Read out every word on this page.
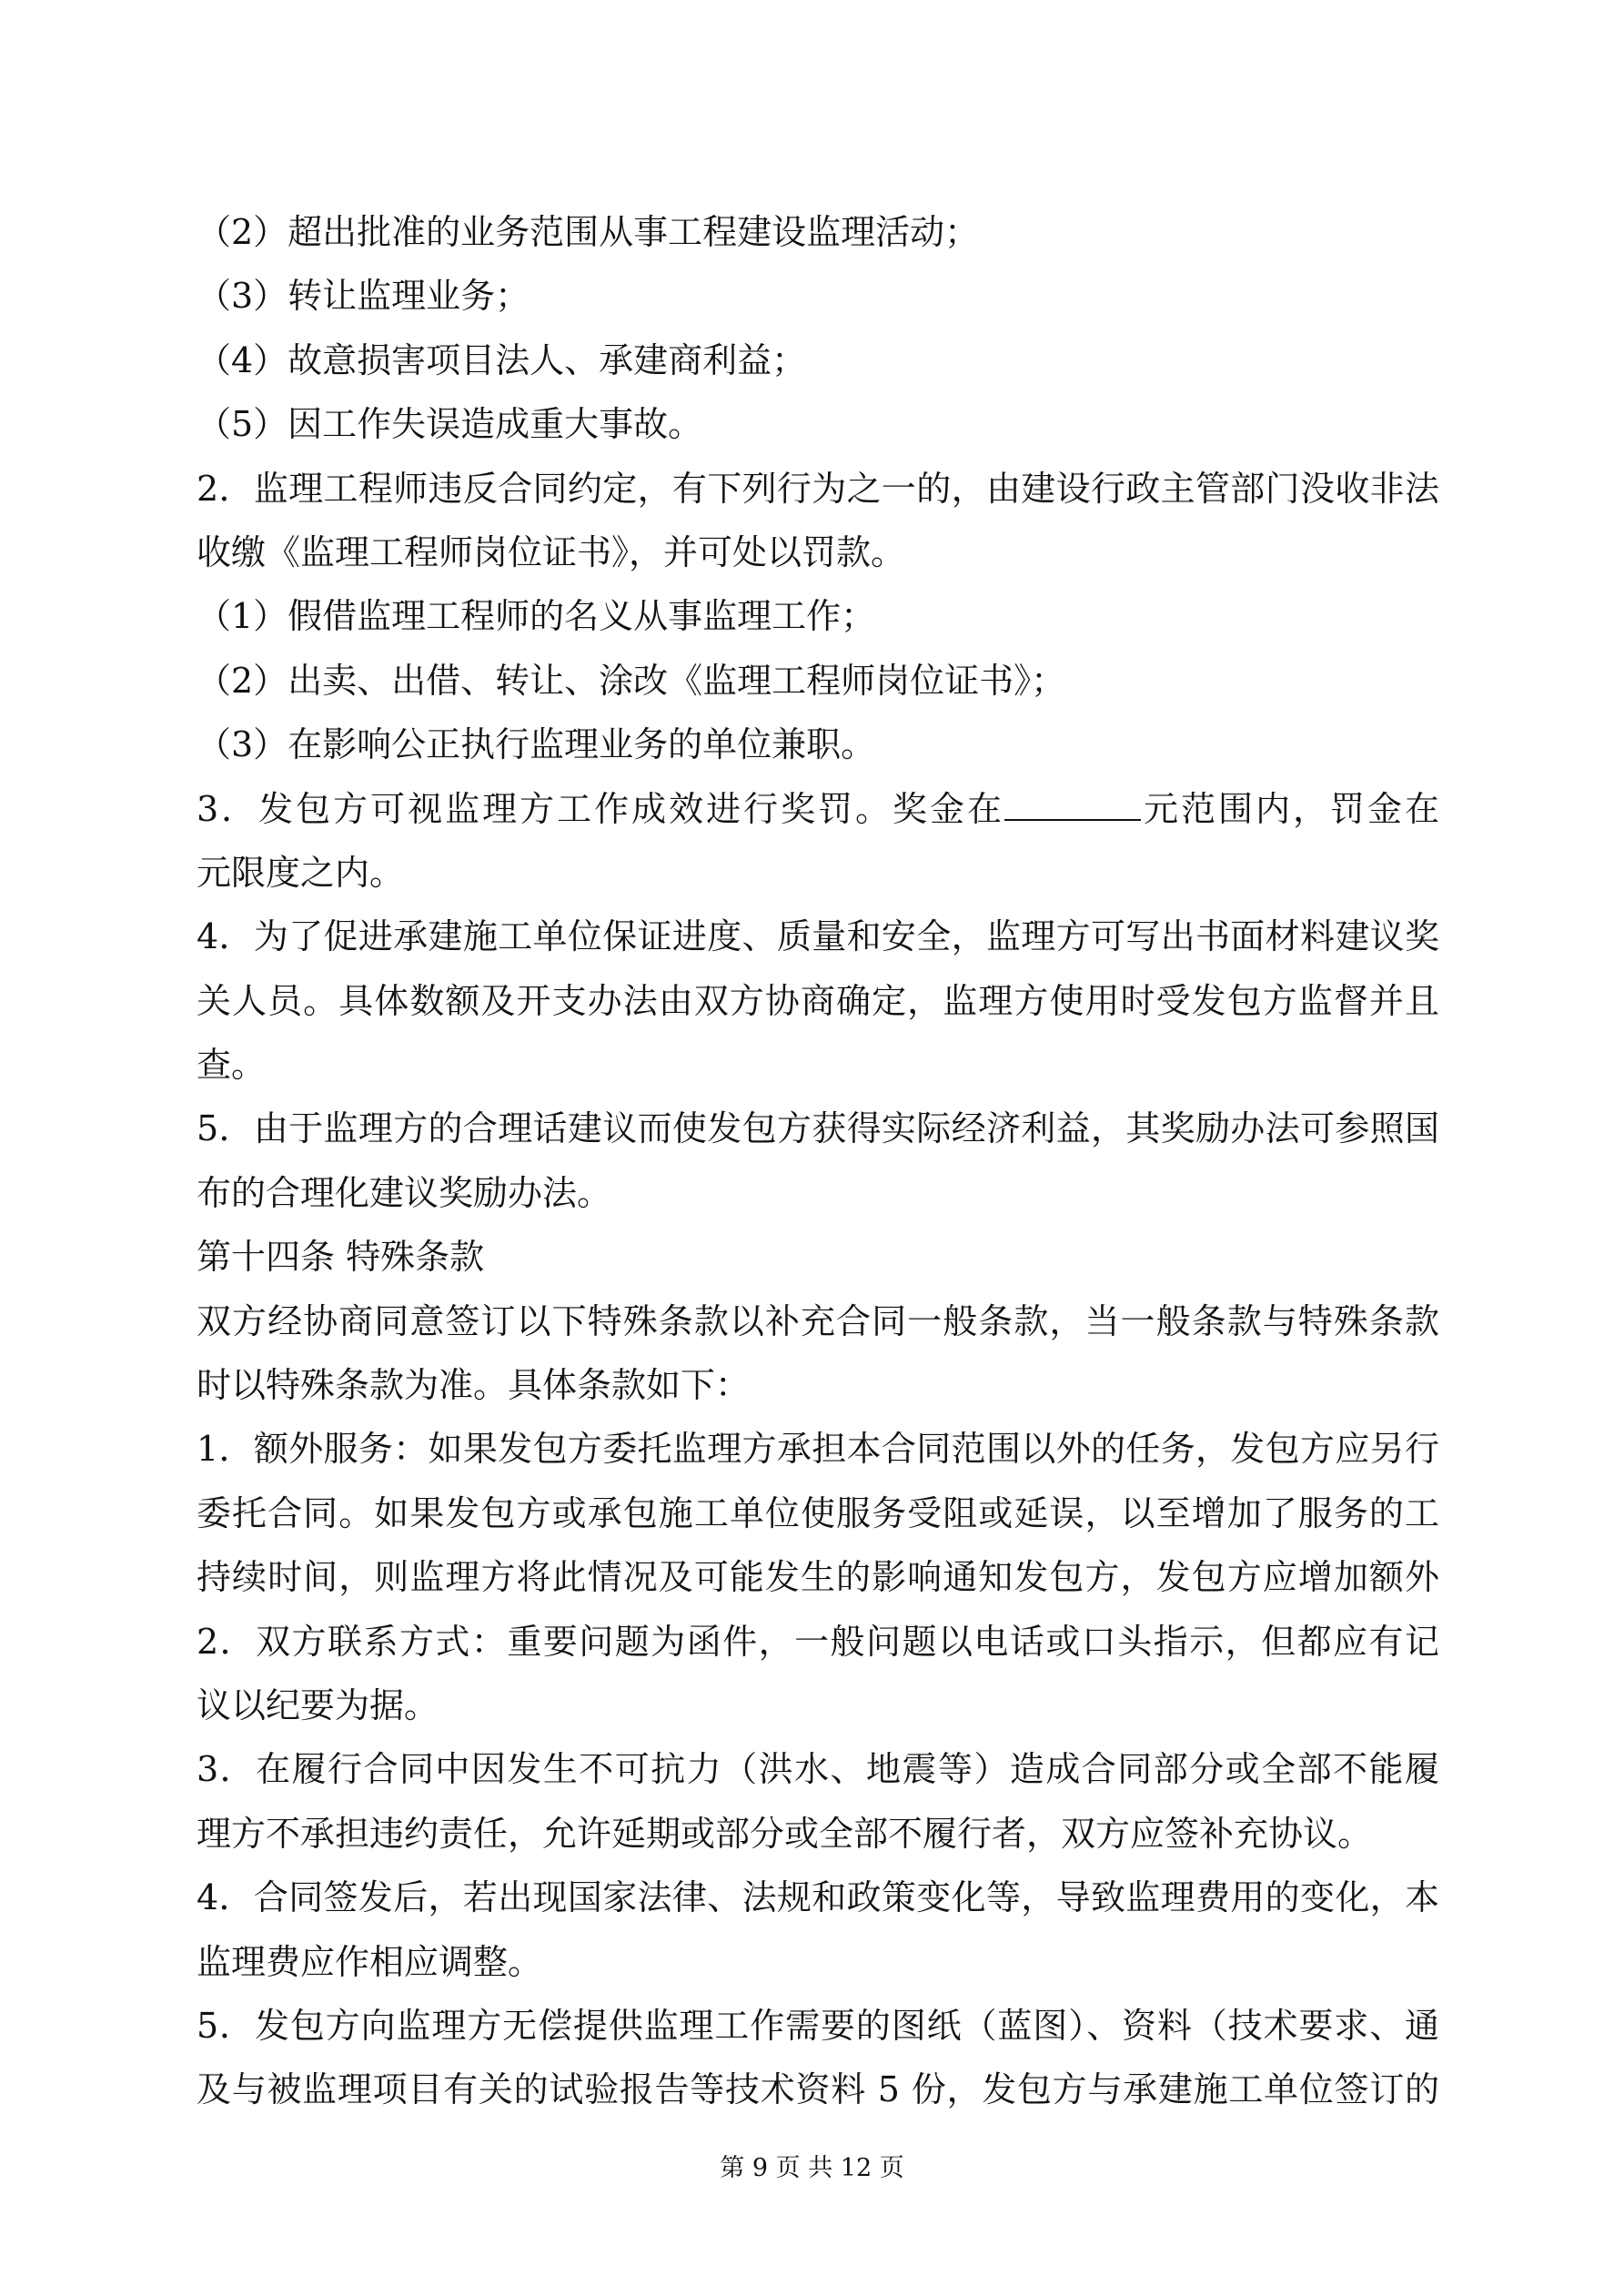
（2）超出批准的业务范围从事工程建设监理活动；
（3）转让监理业务；
（4）故意损害项目法人、承建商利益；
（5）因工作失误造成重大事故。
2．监理工程师违反合同约定，有下列行为之一的，由建设行政主管部门没收非法
收缴《监理工程师岗位证书》，并可处以罚款。
（1）假借监理工程师的名义从事监理工作；
（2）出卖、出借、转让、涂改《监理工程师岗位证书》；
（3）在影响公正执行监理业务的单位兼职。
3．发包方可视监理方工作成效进行奖罚。奖金在	元范围内，罚金在
元限度之内。
4．为了促进承建施工单位保证进度、质量和安全，监理方可写出书面材料建议奖
关人员。具体数额及开支办法由双方协商确定，监理方使用时受发包方监督并且
查。
5．由于监理方的合理话建议而使发包方获得实际经济利益，其奖励办法可参照国
布的合理化建议奖励办法。
第十四条 特殊条款
双方经协商同意签订以下特殊条款以补充合同一般条款，当一般条款与特殊条款
时以特殊条款为准。具体条款如下：
1．额外服务：如果发包方委托监理方承担本合同范围以外的任务，发包方应另行
委托合同。如果发包方或承包施工单位使服务受阻或延误，以至增加了服务的工
持续时间，则监理方将此情况及可能发生的影响通知发包方，发包方应增加额外
2．双方联系方式：重要问题为函件，一般问题以电话或口头指示，但都应有记
议以纪要为据。
3．在履行合同中因发生不可抗力（洪水、地震等）造成合同部分或全部不能履
理方不承担违约责任，允许延期或部分或全部不履行者，双方应签补充协议。
4．合同签发后，若出现国家法律、法规和政策变化等，导致监理费用的变化，本
监理费应作相应调整。
5．发包方向监理方无偿提供监理工作需要的图纸（蓝图）、资料（技术要求、通
及与被监理项目有关的试验报告等技术资料 5 份，发包方与承建施工单位签订的
第 9 页 共 12 页
